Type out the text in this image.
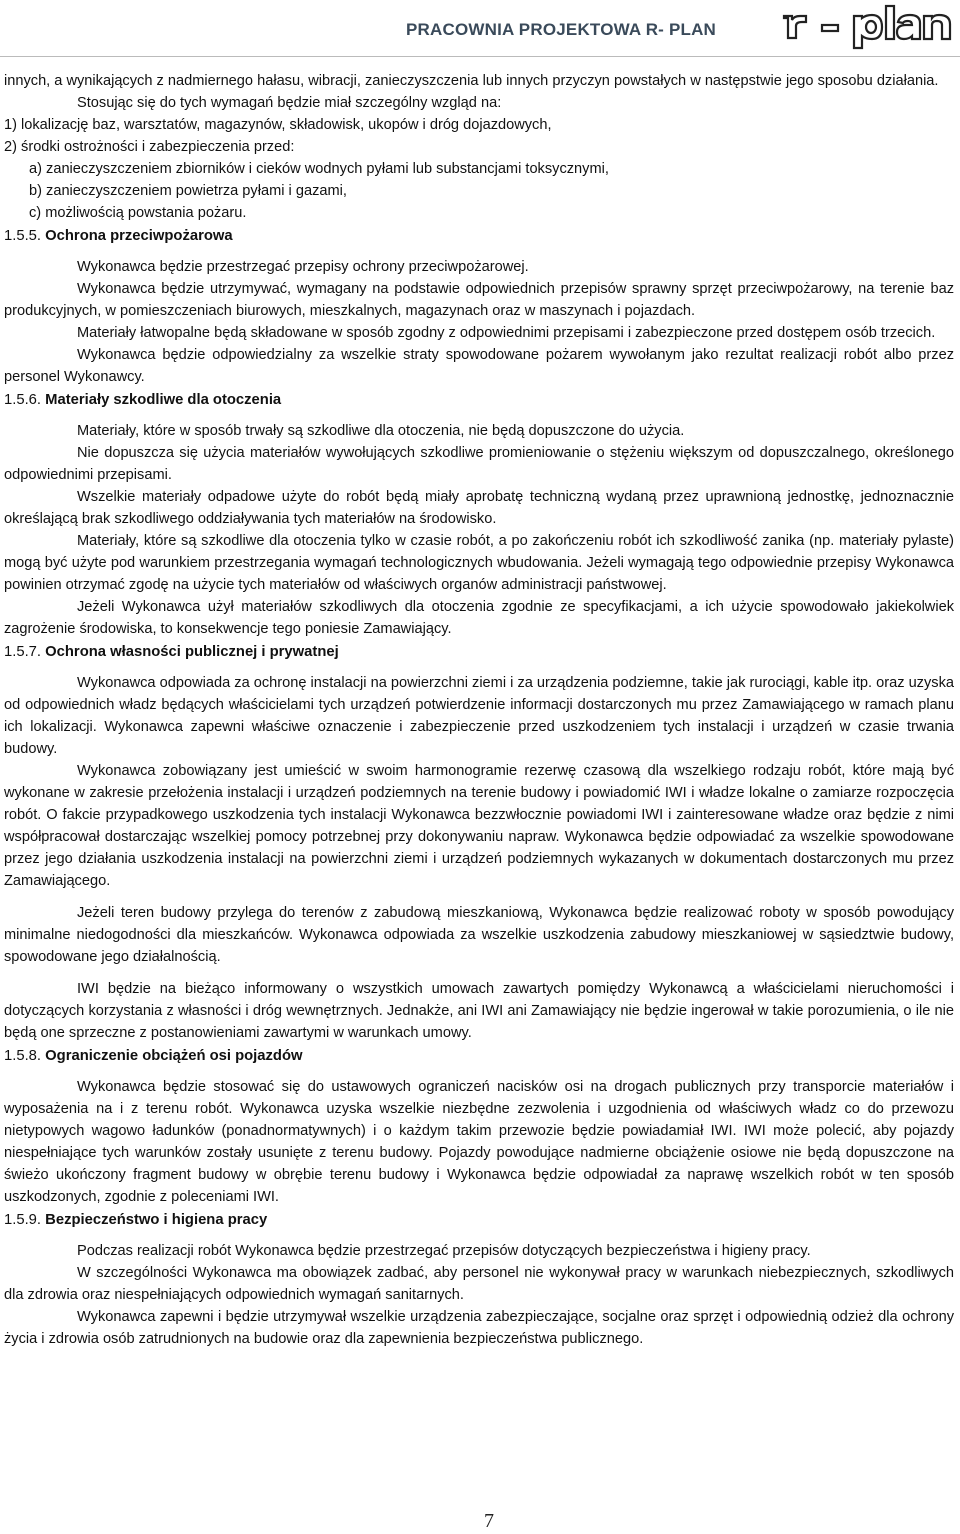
PRACOWNIA PROJEKTOWA R- PLAN

innych, a wynikających z nadmiernego hałasu, wibracji, zanieczyszczenia lub innych przyczyn powstałych w następstwie jego sposobu działania.

Stosując się do tych wymagań będzie miał szczególny wzgląd na:

1) lokalizację baz, warsztatów, magazynów, składowisk, ukopów i dróg dojazdowych,

2) środki ostrożności i zabezpieczenia przed:

a) zanieczyszczeniem zbiorników i cieków wodnych pyłami lub substancjami toksycznymi,

b) zanieczyszczeniem powietrza pyłami i gazami,

c) możliwością powstania pożaru.

1.5.5. Ochrona przeciwpożarowa

Wykonawca będzie przestrzegać przepisy ochrony przeciwpożarowej.

Wykonawca będzie utrzymywać, wymagany na podstawie odpowiednich przepisów sprawny sprzęt przeciwpożarowy, na terenie baz produkcyjnych, w pomieszczeniach biurowych, mieszkalnych, magazynach oraz w maszynach i pojazdach.

Materiały łatwopalne będą składowane w sposób zgodny z odpowiednimi przepisami i zabezpieczone przed dostępem osób trzecich.

Wykonawca będzie odpowiedzialny za wszelkie straty spowodowane pożarem wywołanym jako rezultat realizacji robót albo przez personel Wykonawcy.

1.5.6. Materiały szkodliwe dla otoczenia

Materiały, które w sposób trwały są szkodliwe dla otoczenia, nie będą dopuszczone do użycia.

Nie dopuszcza się użycia materiałów wywołujących szkodliwe promieniowanie o stężeniu większym od dopuszczalnego, określonego odpowiednimi przepisami.

Wszelkie materiały odpadowe użyte do robót będą miały aprobatę techniczną wydaną przez uprawnioną jednostkę, jednoznacznie określającą brak szkodliwego oddziaływania tych materiałów na środowisko.

Materiały, które są szkodliwe dla otoczenia tylko w czasie robót, a po zakończeniu robót ich szkodliwość zanika (np. materiały pylaste) mogą być użyte pod warunkiem przestrzegania wymagań technologicznych wbudowania. Jeżeli wymagają tego odpowiednie przepisy Wykonawca powinien otrzymać zgodę na użycie tych materiałów od właściwych organów administracji państwowej.

Jeżeli Wykonawca użył materiałów szkodliwych dla otoczenia zgodnie ze specyfikacjami, a ich użycie spowodowało jakiekolwiek zagrożenie środowiska, to konsekwencje tego poniesie Zamawiający.

1.5.7. Ochrona własności publicznej i prywatnej

Wykonawca odpowiada za ochronę instalacji na powierzchni ziemi i za urządzenia podziemne, takie jak rurociągi, kable itp. oraz uzyska od odpowiednich władz będących właścicielami tych urządzeń potwierdzenie informacji dostarczonych mu przez Zamawiającego w ramach planu ich lokalizacji. Wykonawca zapewni właściwe oznaczenie i zabezpieczenie przed uszkodzeniem tych instalacji i urządzeń w czasie trwania budowy.

Wykonawca zobowiązany jest umieścić w swoim harmonogramie rezerwę czasową dla wszelkiego rodzaju robót, które mają być wykonane w zakresie przełożenia instalacji i urządzeń podziemnych na terenie budowy i powiadomić IWI i władze lokalne o zamiarze rozpoczęcia robót. O fakcie przypadkowego uszkodzenia tych instalacji Wykonawca bezzwłocznie powiadomi IWI i zainteresowane władze oraz będzie z nimi współpracował dostarczając wszelkiej pomocy potrzebnej przy dokonywaniu napraw. Wykonawca będzie odpowiadać za wszelkie spowodowane przez jego działania uszkodzenia instalacji na powierzchni ziemi i urządzeń podziemnych wykazanych w dokumentach dostarczonych mu przez Zamawiającego.

Jeżeli teren budowy przylega do terenów z zabudową mieszkaniową, Wykonawca będzie realizować roboty w sposób powodujący minimalne niedogodności dla mieszkańców. Wykonawca odpowiada za wszelkie uszkodzenia zabudowy mieszkaniowej w sąsiedztwie budowy, spowodowane jego działalnością.

IWI będzie na bieżąco informowany o wszystkich umowach zawartych pomiędzy Wykonawcą a właścicielami nieruchomości i dotyczących korzystania z własności i dróg wewnętrznych. Jednakże, ani IWI ani Zamawiający nie będzie ingerował w takie porozumienia, o ile nie będą one sprzeczne z postanowieniami zawartymi w warunkach umowy.

1.5.8. Ograniczenie obciążeń osi pojazdów

Wykonawca będzie stosować się do ustawowych ograniczeń nacisków osi na drogach publicznych przy transporcie materiałów i wyposażenia na i z terenu robót. Wykonawca uzyska wszelkie niezbędne zezwolenia i uzgodnienia od właściwych władz co do przewozu nietypowych wagowo ładunków (ponadnormatywnych) i o każdym takim przewozie będzie powiadamiał IWI. IWI może polecić, aby pojazdy niespełniające tych warunków zostały usunięte z terenu budowy. Pojazdy powodujące nadmierne obciążenie osiowe nie będą dopuszczone na świeżo ukończony fragment budowy w obrębie terenu budowy i Wykonawca będzie odpowiadał za naprawę wszelkich robót w ten sposób uszkodzonych, zgodnie z poleceniami IWI.

1.5.9. Bezpieczeństwo i higiena pracy

Podczas realizacji robót Wykonawca będzie przestrzegać przepisów dotyczących bezpieczeństwa i higieny pracy.

W szczególności Wykonawca ma obowiązek zadbać, aby personel nie wykonywał pracy w warunkach niebezpiecznych, szkodliwych dla zdrowia oraz niespełniających odpowiednich wymagań sanitarnych.

Wykonawca zapewni i będzie utrzymywał wszelkie urządzenia zabezpieczające, socjalne oraz sprzęt i odpowiednią odzież dla ochrony życia i zdrowia osób zatrudnionych na budowie oraz dla zapewnienia bezpieczeństwa publicznego.

7
